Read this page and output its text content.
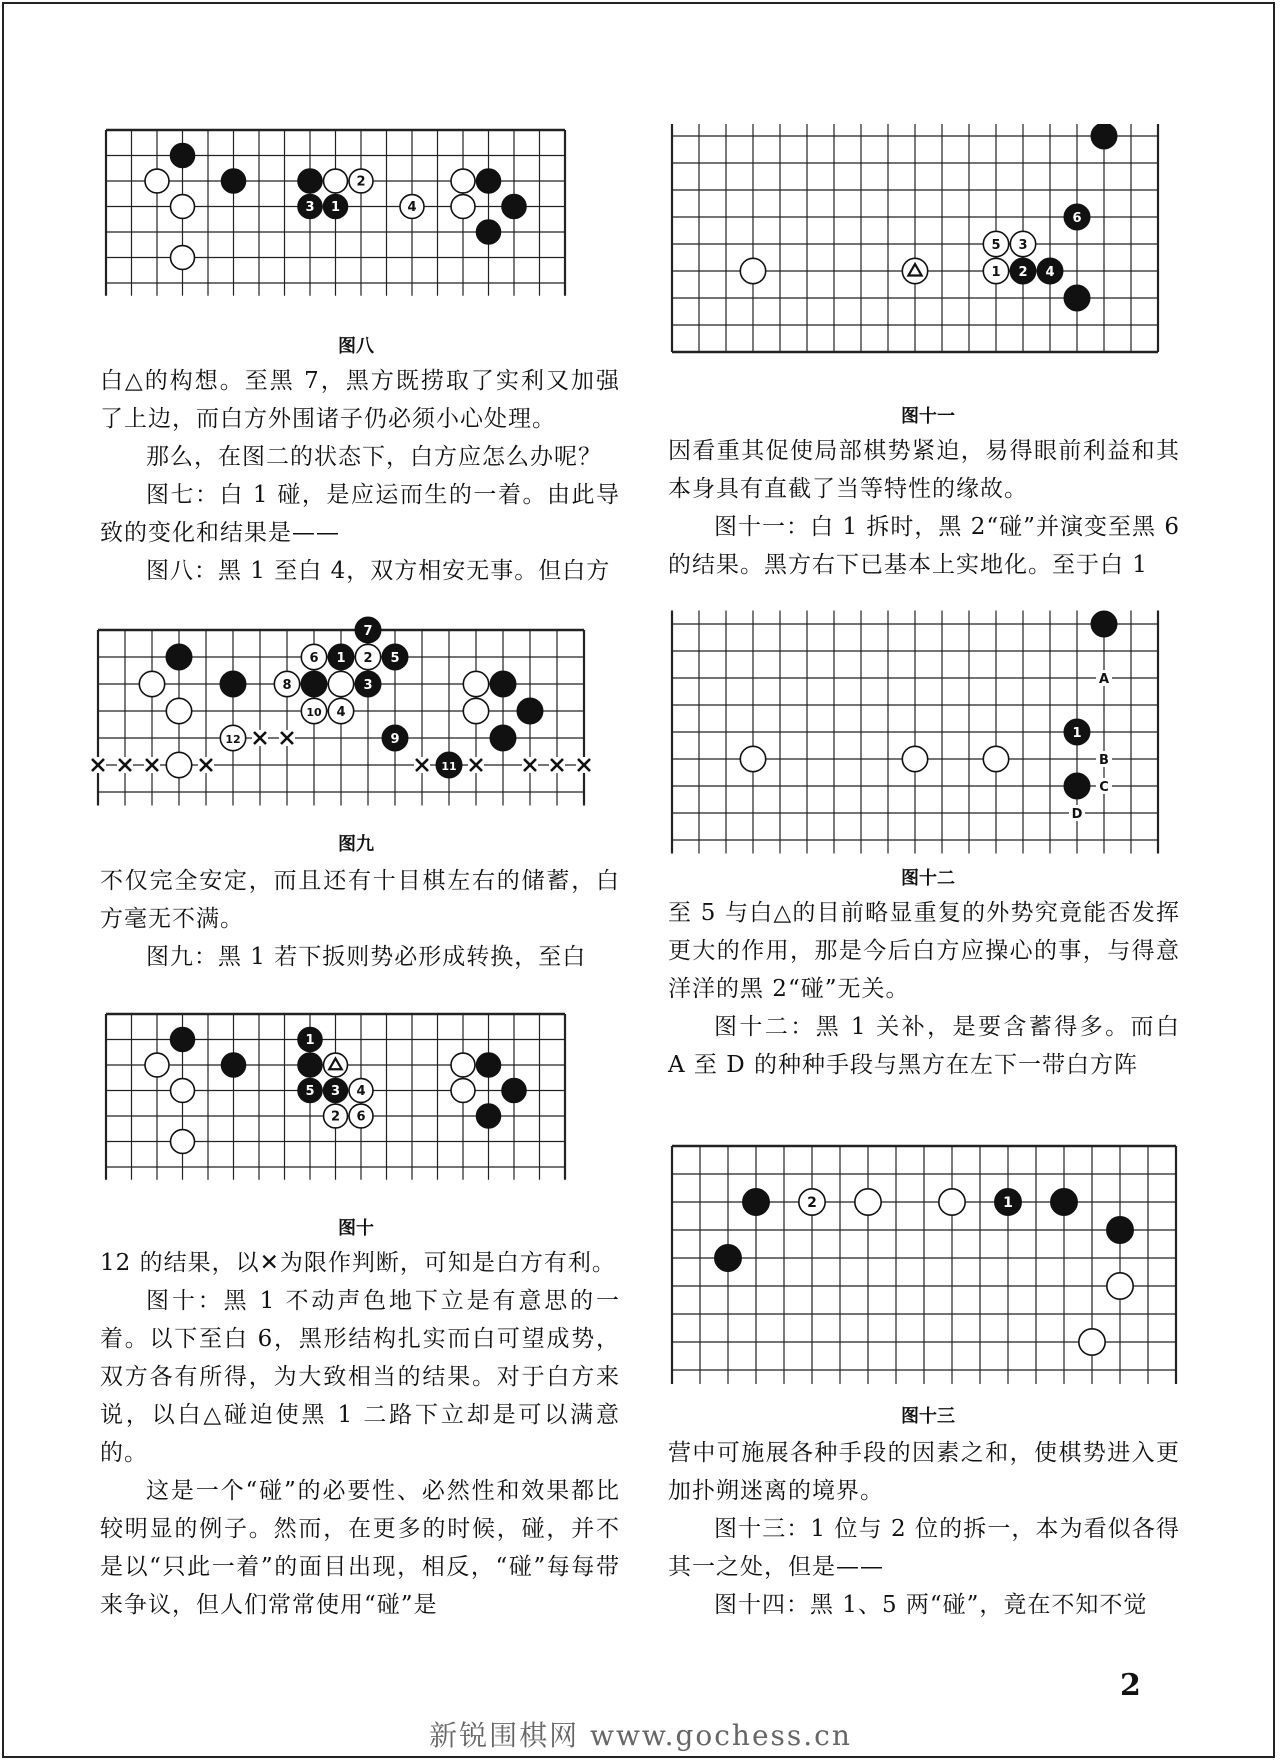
2
3 1	4
图八

白△的构想。至黑 7，黑方既捞取了实利又加强了上边，而白方外围诸子仍必须小心处理。

那么，在图二的状态下，白方应怎么办呢？

图七：白 1 碰，是应运而生的一着。由此导致的变化和结果是——

图八：黑 1 至白 4，双方相安无事。但白方

7
6 1 2 5
8	3
10 4
12	9
11
图九

不仅完全安定，而且还有十目棋左右的储蓄，白方毫无不满。

图九：黑 1 若下扳则势必形成转换，至白

1
5 3 4
2 6
图十

12 的结果，以✕为限作判断，可知是白方有利。

图十：黑 1 不动声色地下立是有意思的一着。以下至白 6，黑形结构扎实而白可望成势，双方各有所得，为大致相当的结果。对于白方来说，以白△碰迫使黑 1 二路下立却是可以满意的。

这是一个“碰”的必要性、必然性和效果都比较明显的例子。然而，在更多的时候，碰，并不是以“只此一着”的面目出现，相反，“碰”每每带来争议，但人们常常使用“碰”是

6
5 3
1 2 4
图十一

因看重其促使局部棋势紧迫，易得眼前利益和其本身具有直截了当等特性的缘故。

图十一：白 1 拆时，黑 2“碰”并演变至黑 6 的结果。黑方右下已基本上实地化。至于白 1

A
B
C
D
1
图十二

至 5 与白△的目前略显重复的外势究竟能否发挥更大的作用，那是今后白方应操心的事，与得意洋洋的黑 2“碰”无关。

图十二：黑 1 关补，是要含蓄得多。而白 A 至 D 的种种手段与黑方在左下一带白方阵

2	1
图十三

营中可施展各种手段的因素之和，使棋势进入更加扑朔迷离的境界。

图十三：1 位与 2 位的拆一，本为看似各得其一之处，但是——

图十四：黑 1、5 两“碰”，竟在不知不觉

2
新锐围棋网 www.gochess.cn
